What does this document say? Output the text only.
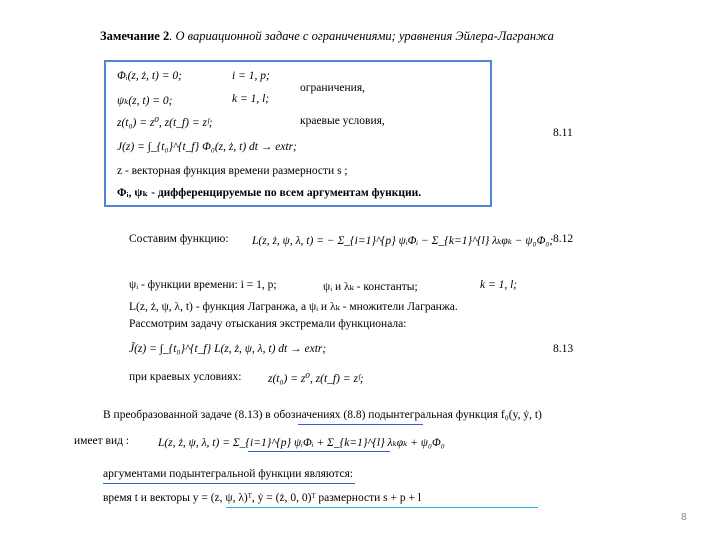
Замечание 2. О вариационной задаче с ограничениями; уравнения Эйлера-Лагранжа
Φᵢ(z, ż, t) = 0;	i = 1, p;
ψₖ(z, t) = 0;	k = 1, l;
ограничения,
z(t₀) = z⁰, z(t_f) = zᶠ;	краевые условия,
J(z) = ∫_{t₀}^{t_f} Φ₀(z, ż, t) dt → extr;
8.11
z - векторная функция времени размерности s ;
Φᵢ, ψₖ - дифференцируемые по всем аргументам функции.
Составим функцию: L(z, ż, ψ, λ, t) = − Σ_{i=1}^{p} ψᵢΦᵢ − Σ_{k=1}^{l} λₖφₖ − ψ₀Φ₀; 8.12
ψᵢ - функции времени: i = 1, p;	ψᵢ и λₖ - константы;	k = 1, l;
L(z, ż, ψ, λ, t) - функция Лагранжа, а ψᵢ и λₖ - множители Лагранжа.
Рассмотрим задачу отыскания экстремали функционала:
J̃(z) = ∫_{t₀}^{t_f} L(z, ż, ψ, λ, t) dt → extr;	8.13
при краевых условиях: z(t₀) = z⁰, z(t_f) = zᶠ;
В преобразованной задаче (8.13) в обозначениях (8.8) подынтегральная функция f₀(y, ẏ, t)
имеет вид :	L(z, ż, ψ, λ, t) = Σ_{i=1}^{p} ψᵢΦᵢ + Σ_{k=1}^{l} λₖφₖ + ψ₀Φ₀
аргументами подынтегральной функции являются:
время t и векторы y = (z, ψ, λ)ᵀ, ẏ = (ż, 0, 0)ᵀ размерности s + p + l
8
